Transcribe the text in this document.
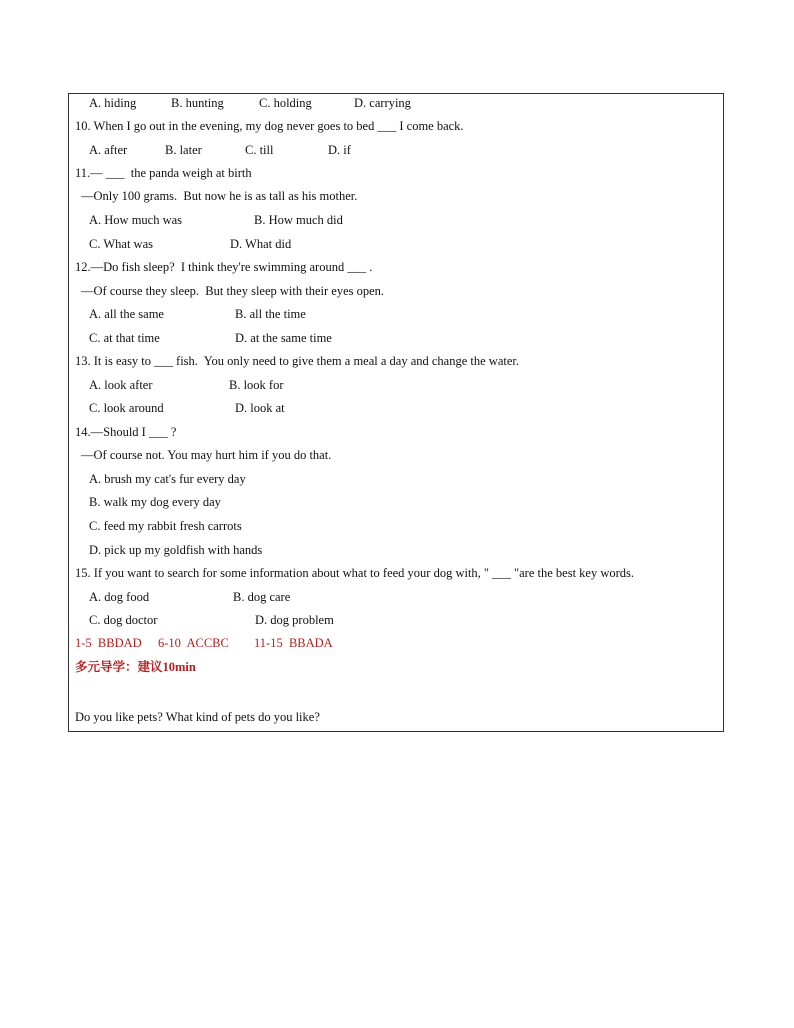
A. hiding	B. hunting	C. holding	D. carrying
10. When I go out in the evening, my dog never goes to bed ___ I come back.
A. after	B. later	C. till	D. if
11.— ___  the panda weigh at birth
—Only 100 grams.  But now he is as tall as his mother.
A. How much was	B. How much did
C. What was	D. What did
12.—Do fish sleep?  I think they're swimming around ___ .
—Of course they sleep.  But they sleep with their eyes open.
A. all the same	B. all the time
C. at that time	D. at the same time
13. It is easy to ___ fish.  You only need to give them a meal a day and change the water.
A. look after	B. look for
C. look around	D. look at
14.—Should I ___ ?
—Of course not. You may hurt him if you do that.
A. brush my cat's fur every day
B. walk my dog every day
C. feed my rabbit fresh carrots
D. pick up my goldfish with hands
15. If you want to search for some information about what to feed your dog with, " ___ "are the best key words.
A. dog food	B. dog care
C. dog doctor	D. dog problem
1-5  BBDAD 6-10  ACCBC 11-15  BBADA
多元导学：建议10min
Do you like pets? What kind of pets do you like?
